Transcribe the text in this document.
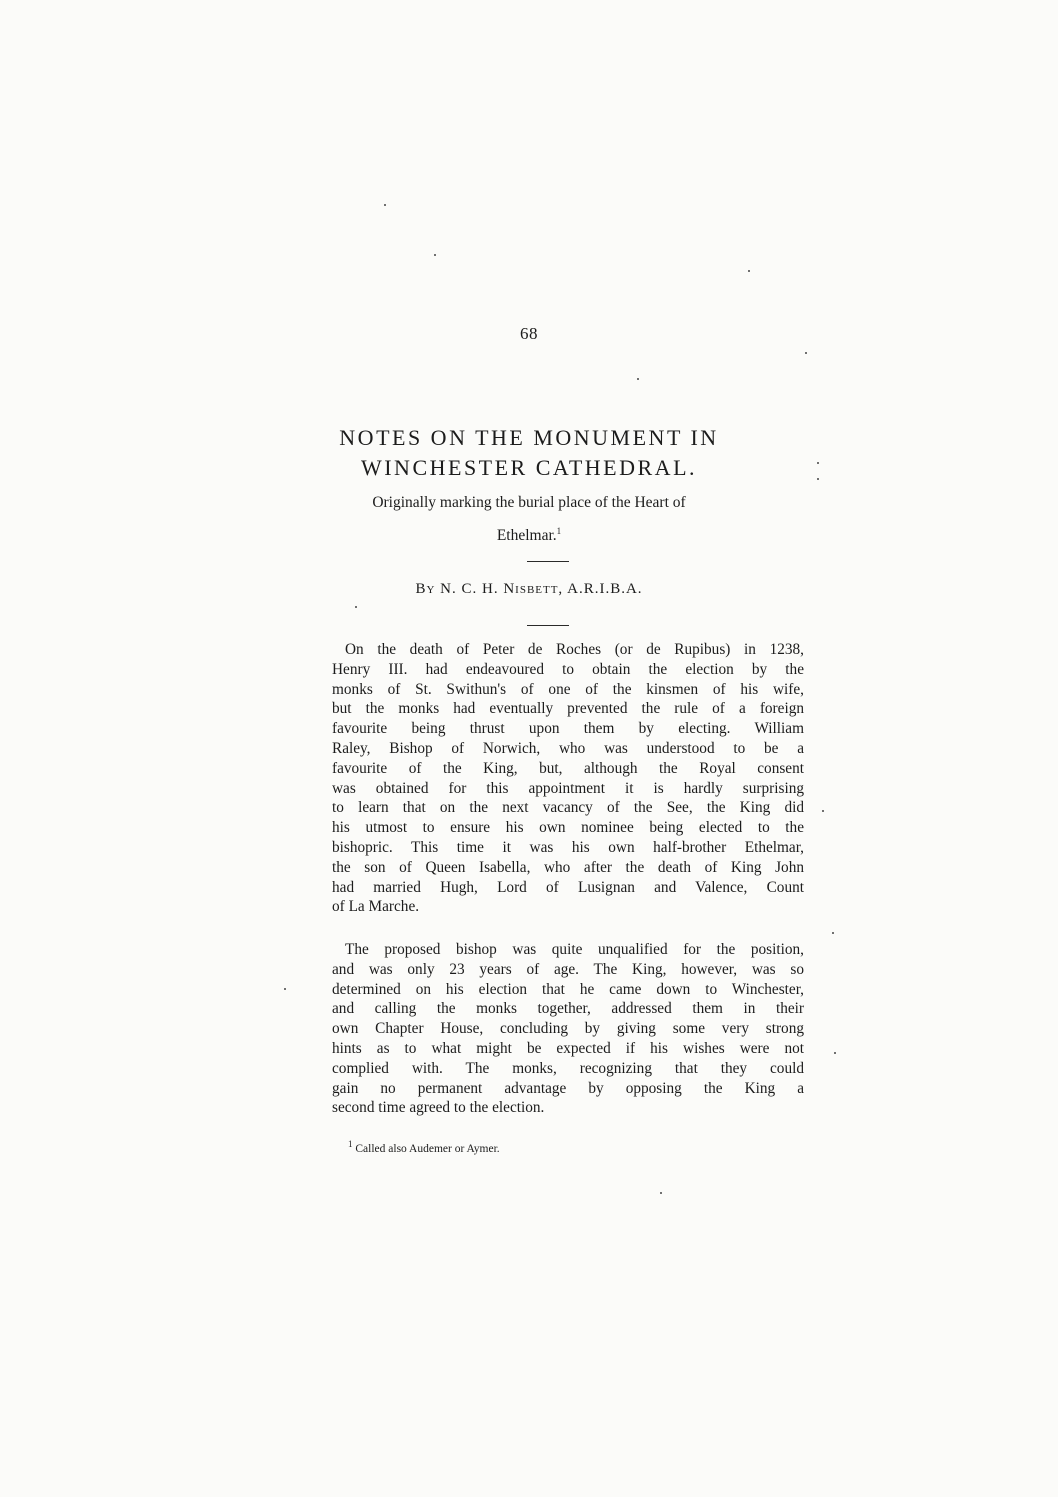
68
NOTES ON THE MONUMENT IN
WINCHESTER CATHEDRAL.
Originally marking the burial place of the Heart of
Ethelmar.$^1$
By N. C. H. Nisbett, A.R.I.B.A.
On the death of Peter de Roches (or de Rupibus) in 1238,
Henry III. had endeavoured to obtain the election by the
monks of St. Swithun's of one of the kinsmen of his wife,
but the monks had eventually prevented the rule of a foreign
favourite being thrust upon them by electing. William
Raley, Bishop of Norwich, who was understood to be a
favourite of the King, but, although the Royal consent
was obtained for this appointment it is hardly surprising
to learn that on the next vacancy of the See, the King did
his utmost to ensure his own nominee being elected to the
bishopric. This time it was his own half-brother Ethelmar,
the son of Queen Isabella, who after the death of King John
had married Hugh, Lord of Lusignan and Valence, Count
of La Marche.
The proposed bishop was quite unqualified for the position,
and was only 23 years of age. The King, however, was so
determined on his election that he came down to Winchester,
and calling the monks together, addressed them in their
own Chapter House, concluding by giving some very strong
hints as to what might be expected if his wishes were not
complied with. The monks, recognizing that they could
gain no permanent advantage by opposing the King a
second time agreed to the election.
$^1$ Called also Audemer or Aymer.
